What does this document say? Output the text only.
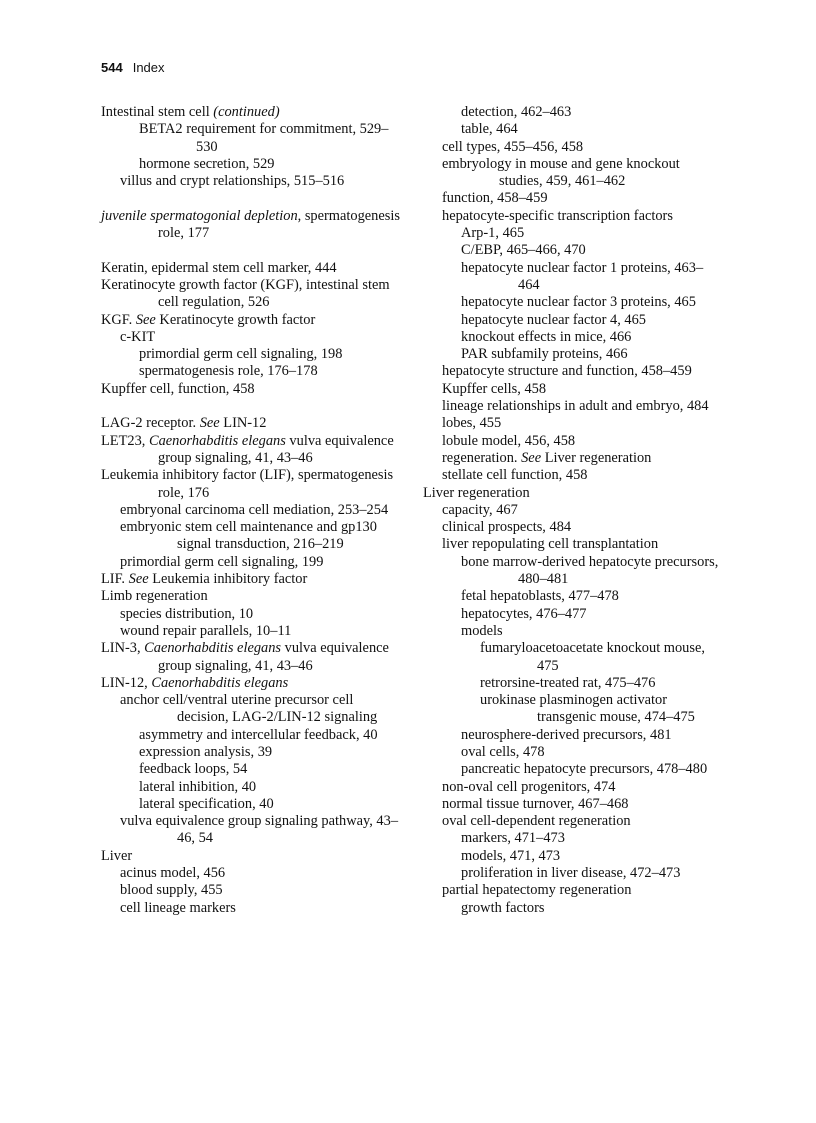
544 Index
Intestinal stem cell (continued)
BETA2 requirement for commitment, 529–530
hormone secretion, 529
villus and crypt relationships, 515–516
juvenile spermatogonial depletion, spermatogenesis role, 177
Keratin, epidermal stem cell marker, 444
Keratinocyte growth factor (KGF), intestinal stem cell regulation, 526
KGF. See Keratinocyte growth factor
c-KIT
primordial germ cell signaling, 198
spermatogenesis role, 176–178
Kupffer cell, function, 458
LAG-2 receptor. See LIN-12
LET23, Caenorhabditis elegans vulva equivalence group signaling, 41, 43–46
Leukemia inhibitory factor (LIF), spermatogenesis role, 176
embryonal carcinoma cell mediation, 253–254
embryonic stem cell maintenance and gp130 signal transduction, 216–219
primordial germ cell signaling, 199
LIF. See Leukemia inhibitory factor
Limb regeneration
species distribution, 10
wound repair parallels, 10–11
LIN-3, Caenorhabditis elegans vulva equivalence group signaling, 41, 43–46
LIN-12, Caenorhabditis elegans
anchor cell/ventral uterine precursor cell decision, LAG-2/LIN-12 signaling
asymmetry and intercellular feedback, 40
expression analysis, 39
feedback loops, 54
lateral inhibition, 40
lateral specification, 40
vulva equivalence group signaling pathway, 43–46, 54
Liver
acinus model, 456
blood supply, 455
cell lineage markers
detection, 462–463
table, 464
cell types, 455–456, 458
embryology in mouse and gene knockout studies, 459, 461–462
function, 458–459
hepatocyte-specific transcription factors
Arp-1, 465
C/EBP, 465–466, 470
hepatocyte nuclear factor 1 proteins, 463–464
hepatocyte nuclear factor 3 proteins, 465
hepatocyte nuclear factor 4, 465
knockout effects in mice, 466
PAR subfamily proteins, 466
hepatocyte structure and function, 458–459
Kupffer cells, 458
lineage relationships in adult and embryo, 484
lobes, 455
lobule model, 456, 458
regeneration. See Liver regeneration
stellate cell function, 458
Liver regeneration
capacity, 467
clinical prospects, 484
liver repopulating cell transplantation
bone marrow-derived hepatocyte precursors, 480–481
fetal hepatoblasts, 477–478
hepatocytes, 476–477
models
fumaryloacetoacetate knockout mouse, 475
retrorsine-treated rat, 475–476
urokinase plasminogen activator transgenic mouse, 474–475
neurosphere-derived precursors, 481
oval cells, 478
pancreatic hepatocyte precursors, 478–480
non-oval cell progenitors, 474
normal tissue turnover, 467–468
oval cell-dependent regeneration
markers, 471–473
models, 471, 473
proliferation in liver disease, 472–473
partial hepatectomy regeneration
growth factors
